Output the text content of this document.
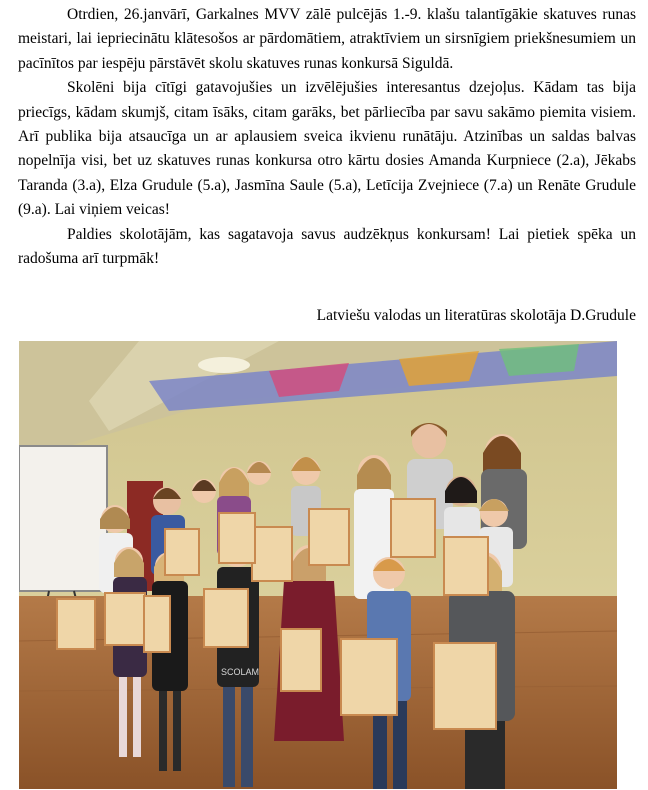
Otrdien, 26.janvārī, Garkalnes MVV zālē pulcējās 1.-9. klašu talantīgākie skatuves runas meistari, lai iepriecinātu klātesošos ar pārdomātiem, atraktīviem un sirsnīgiem priekšnesumiem un pacīnītos par iespēju pārstāvēt skolu skatuves runas konkursā Siguldā.

Skolēni bija cītīgi gatavojušies un izvēlējušies interesantus dzejoļus. Kādam tas bija priecīgs, kādam skumjš, citam īsāks, citam garāks, bet pārliecība par savu sakāmo piemita visiem. Arī publika bija atsaucīga un ar aplausiem sveica ikvienu runātāju. Atzinības un saldas balvas nopelnīja visi, bet uz skatuves runas konkursa otro kārtu dosies Amanda Kurpniece (2.a), Jēkabs Taranda (3.a), Elza Grudule (5.a), Jasmīna Saule (5.a), Letīcija Zvejniece (7.a) un Renāte Grudule (9.a). Lai viņiem veicas!

Paldies skolotājām, kas sagatavoja savus audzēkņus konkursam! Lai pietiek spēka un radošuma arī turpmāk!

Latviešu valodas un literatūras skolotāja D.Grudule
SCOLAM
